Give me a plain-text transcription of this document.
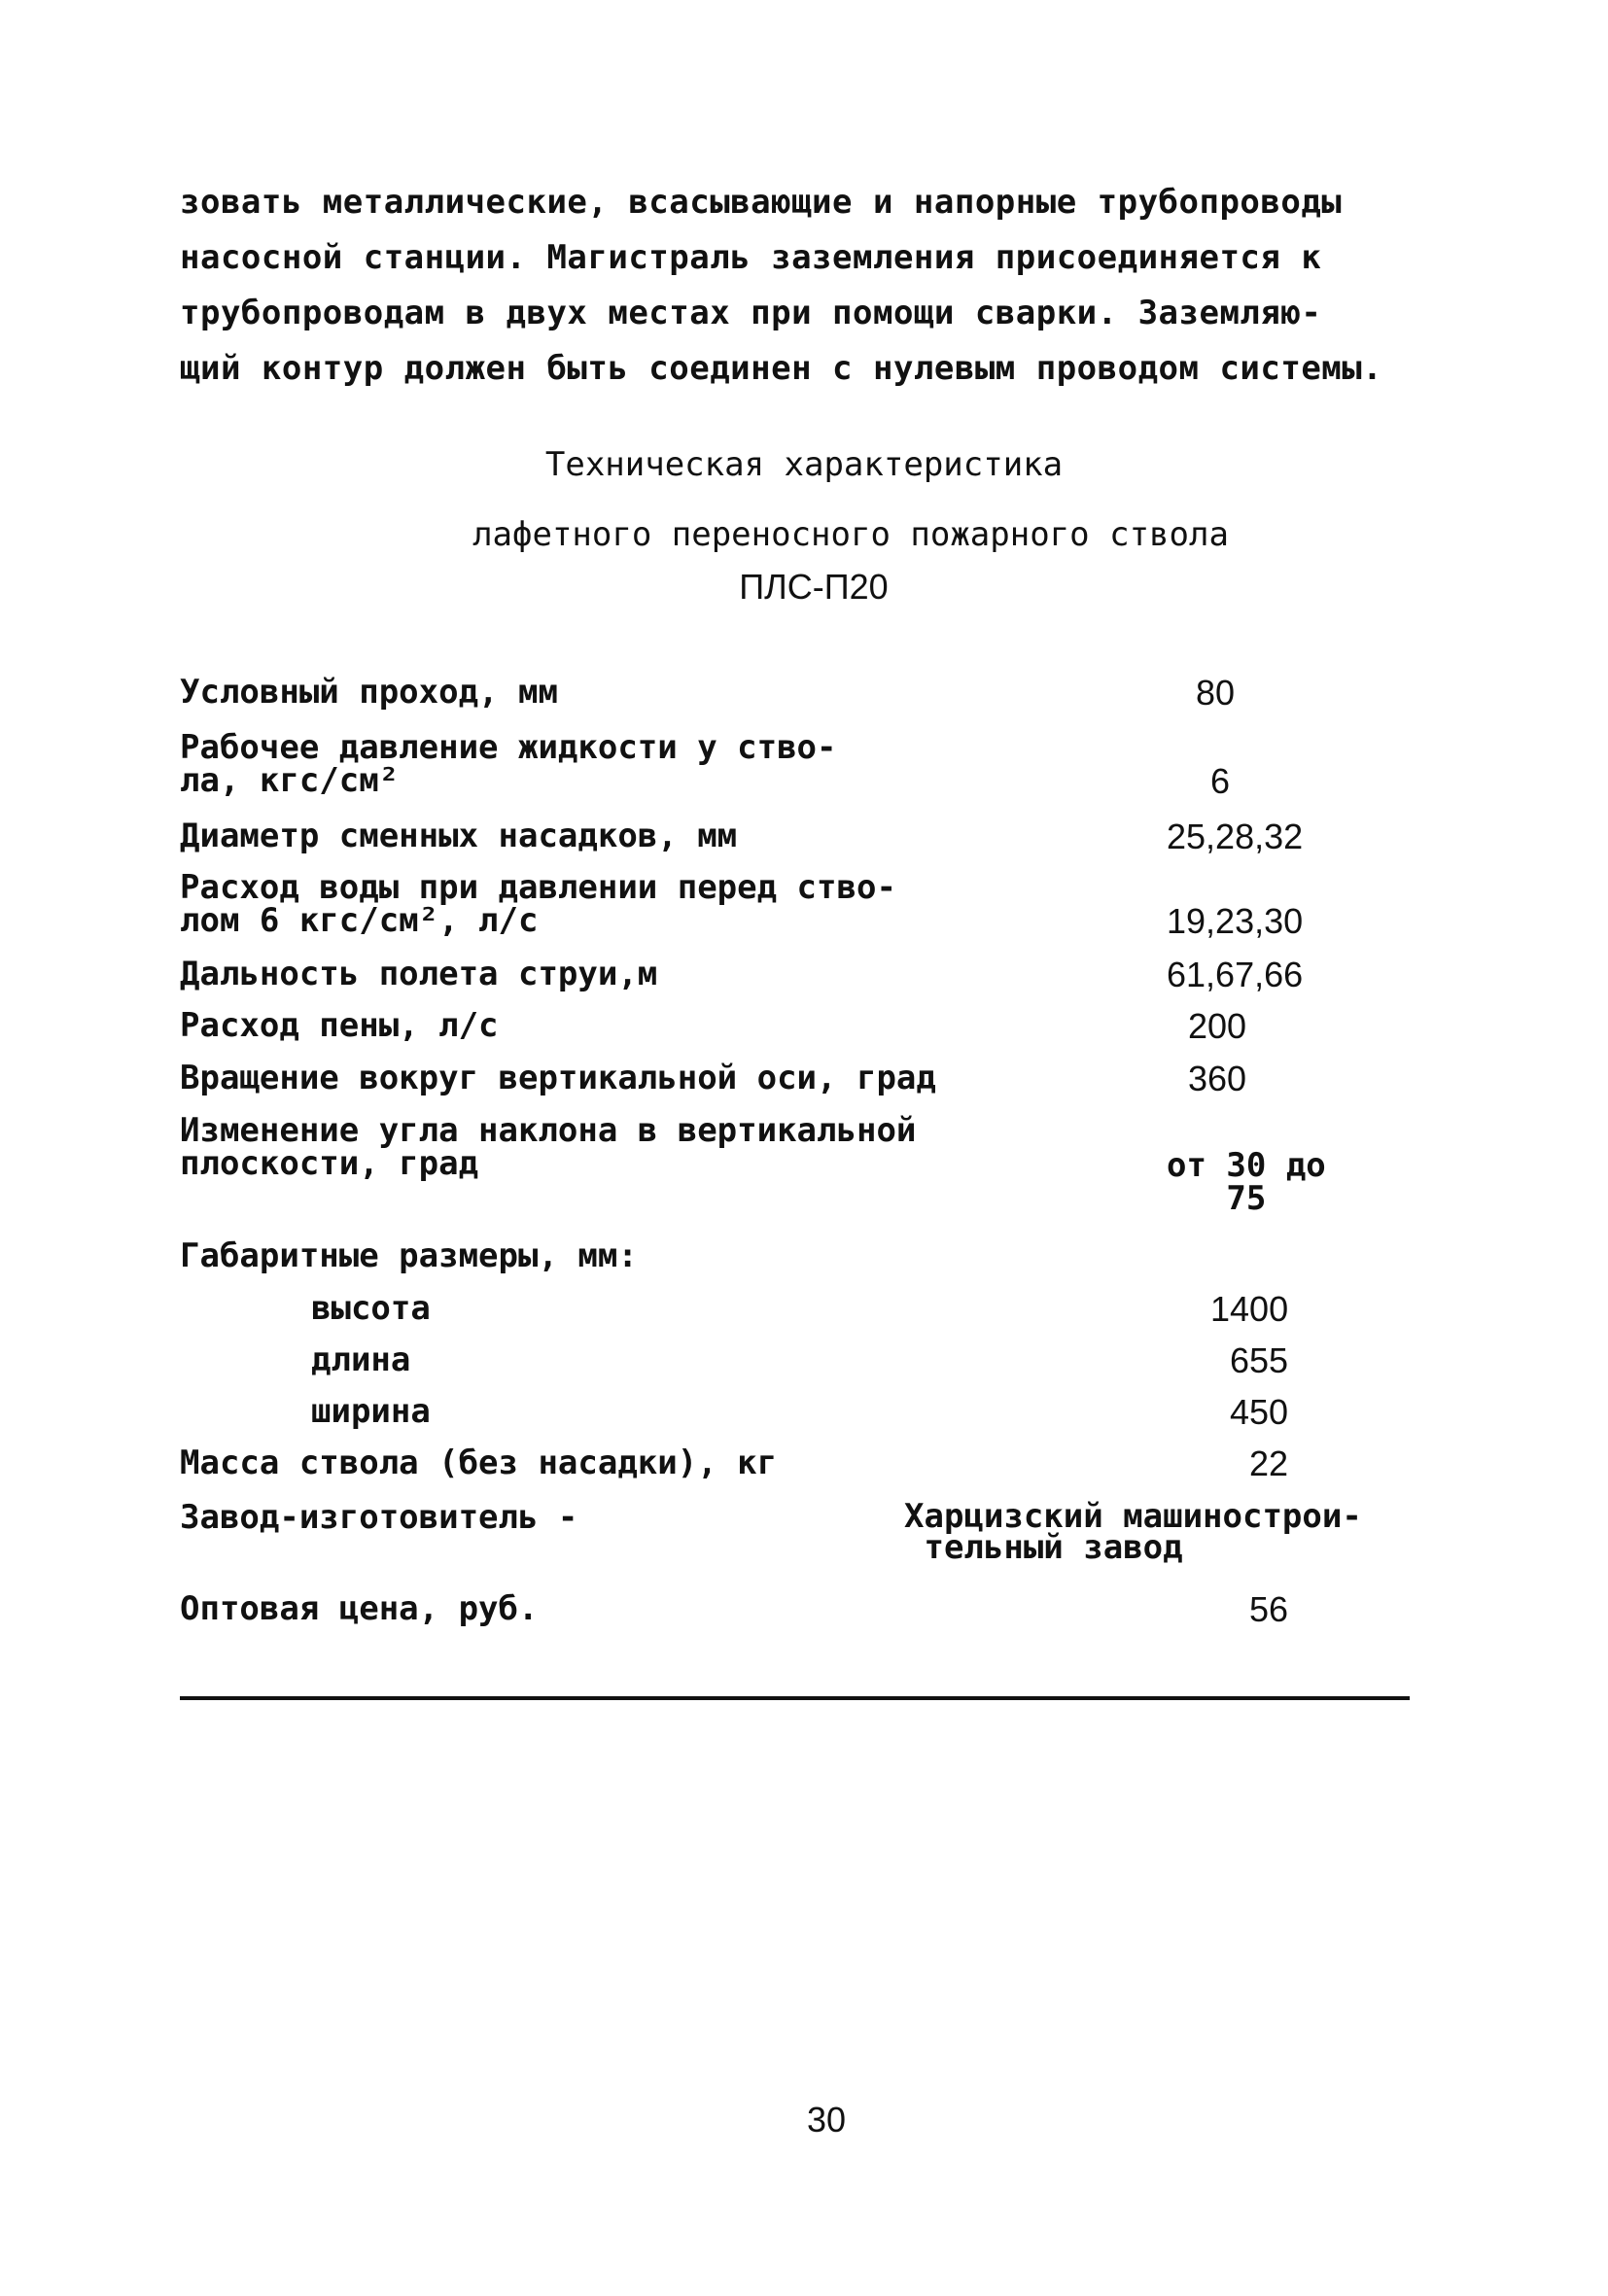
зовать металлические, всасывающие и напорные трубопроводы
насосной станции. Магистраль заземления присоединяется к
трубопроводам в двух местах при помощи сварки. Заземляю-
щий контур должен быть соединен с нулевым проводом системы.
Техническая характеристика
лафетного переносного пожарного ствола
ПЛС-П20
Условный проход, мм	80
Рабочее давление жидкости у ство-
ла, кгс/см²	6
Диаметр сменных насадков, мм	25,28,32
Расход воды при давлении перед ство-
лом 6 кгс/см², л/с	19,23,30
Дальность полета струи,м	61,67,66
Расход пены, л/с	200
Вращение вокруг вертикальной оси, град	360
Изменение угла наклона в вертикальной
плоскости, град	от 30 до
75
Габаритные размеры, мм:
высота	1400
длина	655
ширина	450
Масса ствола (без насадки), кг	22
Завод-изготовитель -	Харцизский машинострои-
тельный завод
Оптовая цена, руб.	56
30
